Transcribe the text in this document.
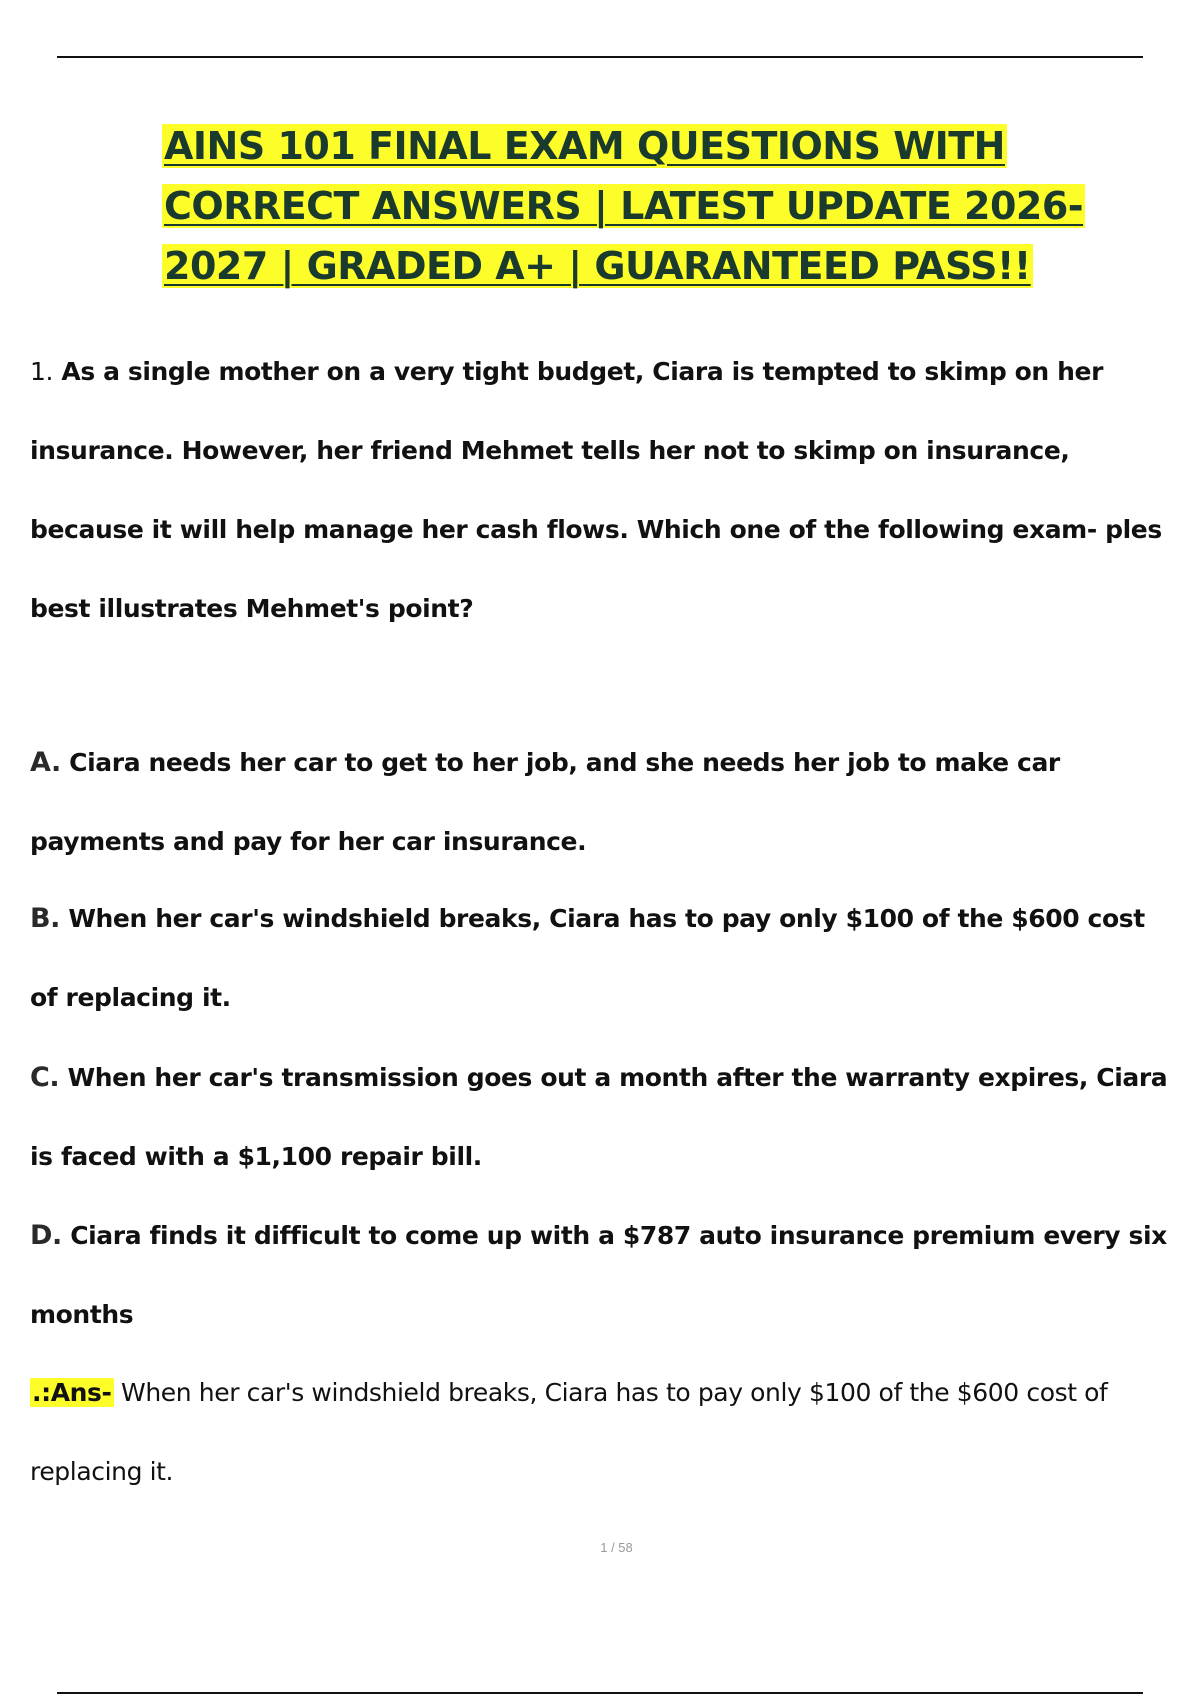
AINS 101 FINAL EXAM QUESTIONS WITH CORRECT ANSWERS | LATEST UPDATE 2026-2027 | GRADED A+ | GUARANTEED PASS!!

1. As a single mother on a very tight budget, Ciara is tempted to skimp on her insurance. However, her friend Mehmet tells her not to skimp on insurance, because it will help manage her cash flows. Which one of the following exam- ples best illustrates Mehmet's point?

A. Ciara needs her car to get to her job, and she needs her job to make car payments and pay for her car insurance.

B. When her car's windshield breaks, Ciara has to pay only $100 of the $600 cost of replacing it.

C. When her car's transmission goes out a month after the warranty expires, Ciara is faced with a $1,100 repair bill.

D. Ciara finds it difficult to come up with a $787 auto insurance premium every six months

.:Ans- When her car's windshield breaks, Ciara has to pay only $100 of the $600 cost of replacing it.

1 / 58
